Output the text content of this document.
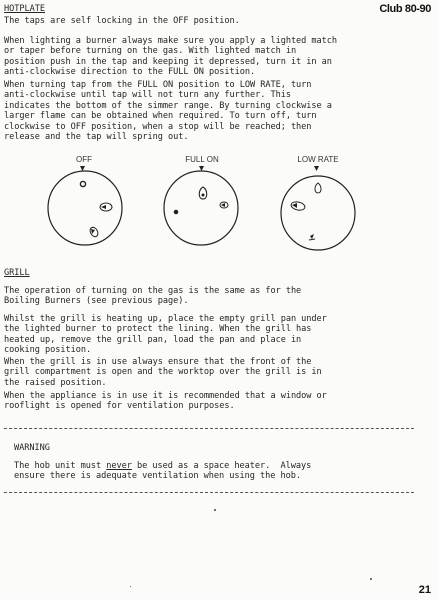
HOTPLATE	Club 80-90
The taps are self locking in the OFF position.
When lighting a burner always make sure you apply a lighted match
or taper before turning on the gas. With lighted match in
position push in the tap and keeping it depressed, turn it in an
anti-clockwise direction to the FULL ON position.
When turning tap from the FULL ON position to LOW RATE, turn
anti-clockwise until tap will not turn any further. This
indicates the bottom of the simmer range. By turning clockwise a
larger flame can be obtained when required. To turn off, turn
clockwise to OFF position, when a stop will be reached; then
release and the tap will spring out.
OFF	FULL ON	LOW RATE
GRILL
The operation of turning on the gas is the same as for the
Boiling Burners (see previous page).
Whilst the grill is heating up, place the empty grill pan under
the lighted burner to protect the lining. When the grill has
heated up, remove the grill pan, load the pan and place in
cooking position.
When the grill is in use always ensure that the front of the
grill compartment is open and the worktop over the grill is in
the raised position.
When the appliance is in use it is recommended that a window or
rooflight is opened for ventilation purposes.
WARNING
The hob unit must never be used as a space heater.  Always
ensure there is adequate ventilation when using the hob.
21
